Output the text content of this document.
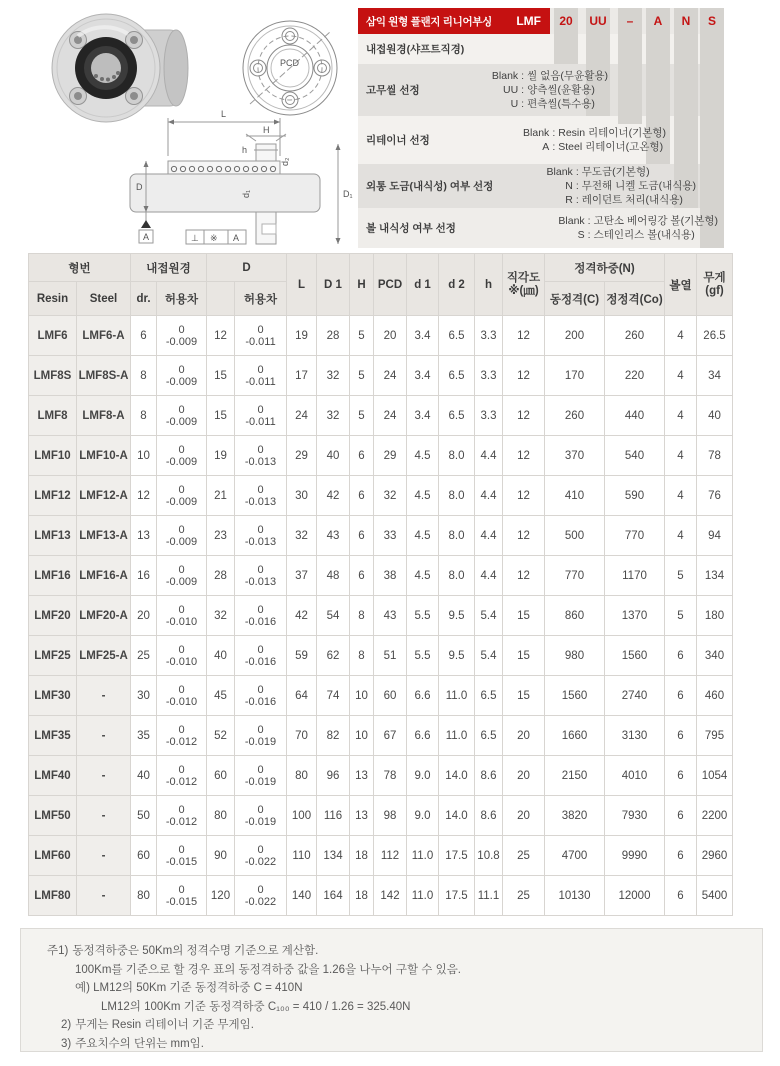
PCD
L
H
h
d₁
d₂
D
A
D₁
⊥ ※ A
삼익 원형 플랜지 리니어부싱 LMF	20	UU	–	A	N	S
내접원경(샤프트직경)
고무씰 선정
Blank : 씰 없음(무윤활용)
UU : 양측씰(윤활용)
U : 편측씰(특수용)
리테이너 선정
Blank : Resin 리테이너(기본형)
A : Steel 리테이너(고온형)
외통 도금(내식성) 여부 선정
Blank : 무도금(기본형)
N : 무전해 니켈 도금(내식용)
R : 레이던트 처리(내식용)
볼 내식성 여부 선정
Blank : 고탄소 베어링강 볼(기본형)
S : 스테인리스 볼(내식용)
형번		내접원경		D		L	D 1	H	PCD	d 1	d 2	h	직각도
※(㎛)	정격하중(N)		볼열	무게
(gf)

Resin	Steel	dr.	허용차		허용차									동정격(C)	정정격(Co)		
LMF6	LMF6-A	6	0
-0.009	12	0
-0.011	19	28	5	20	3.4	6.5	3.3	12	200	260	4	26.5
LMF8S	LMF8S-A	8	0
-0.009	15	0
-0.011	17	32	5	24	3.4	6.5	3.3	12	170	220	4	34
LMF8	LMF8-A	8	0
-0.009	15	0
-0.011	24	32	5	24	3.4	6.5	3.3	12	260	440	4	40
LMF10	LMF10-A	10	0
-0.009	19	0
-0.013	29	40	6	29	4.5	8.0	4.4	12	370	540	4	78
LMF12	LMF12-A	12	0
-0.009	21	0
-0.013	30	42	6	32	4.5	8.0	4.4	12	410	590	4	76
LMF13	LMF13-A	13	0
-0.009	23	0
-0.013	32	43	6	33	4.5	8.0	4.4	12	500	770	4	94
LMF16	LMF16-A	16	0
-0.009	28	0
-0.013	37	48	6	38	4.5	8.0	4.4	12	770	1170	5	134
LMF20	LMF20-A	20	0
-0.010	32	0
-0.016	42	54	8	43	5.5	9.5	5.4	15	860	1370	5	180
LMF25	LMF25-A	25	0
-0.010	40	0
-0.016	59	62	8	51	5.5	9.5	5.4	15	980	1560	6	340
LMF30	-	30	0
-0.010	45	0
-0.016	64	74	10	60	6.6	11.0	6.5	15	1560	2740	6	460
LMF35	-	35	0
-0.012	52	0
-0.019	70	82	10	67	6.6	11.0	6.5	20	1660	3130	6	795
LMF40	-	40	0
-0.012	60	0
-0.019	80	96	13	78	9.0	14.0	8.6	20	2150	4010	6	1054
LMF50	-	50	0
-0.012	80	0
-0.019	100	116	13	98	9.0	14.0	8.6	20	3820	7930	6	2200
LMF60	-	60	0
-0.015	90	0
-0.022	110	134	18	112	11.0	17.5	10.8	25	4700	9990	6	2960
LMF80	-	80	0
-0.015	120	0
-0.022	140	164	18	142	11.0	17.5	11.1	25	10130	12000	6	5400
주1) 동정격하중은 50Km의 정격수명 기준으로 계산함.
100Km를 기준으로 할 경우 표의 동정격하중 값을 1.26을 나누어 구할 수 있음.
예) LM12의 50Km 기준 동정격하중 C = 410N
LM12의 100Km 기준 동정격하중 C₁₀₀ = 410 / 1.26 = 325.40N
2) 무게는 Resin 리테이너 기준 무게임.
3) 주요치수의 단위는 mm임.
